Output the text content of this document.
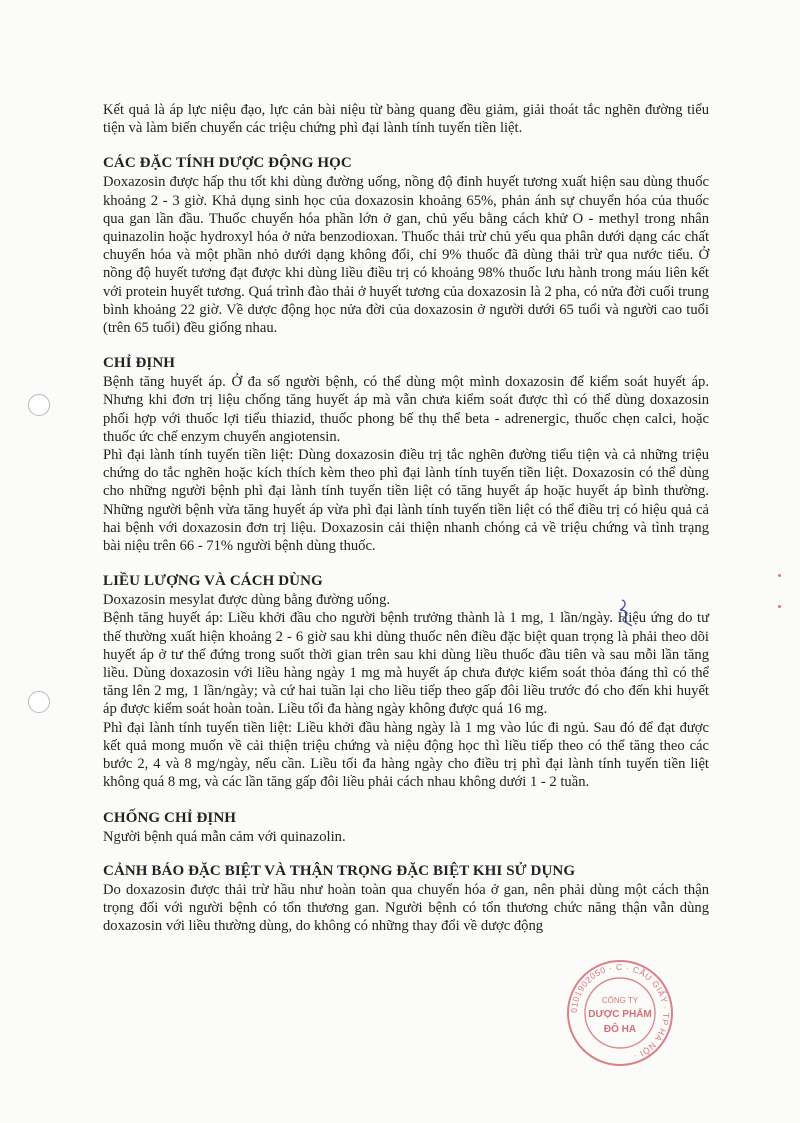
Kết quả là áp lực niệu đạo, lực cản bài niệu từ bàng quang đều giảm, giải thoát tắc nghẽn đường tiểu tiện và làm biến chuyển các triệu chứng phì đại lành tính tuyến tiền liệt.

CÁC ĐẶC TÍNH DƯỢC ĐỘNG HỌC

Doxazosin được hấp thu tốt khi dùng đường uống, nồng độ đỉnh huyết tương xuất hiện sau dùng thuốc khoảng 2 - 3 giờ. Khả dụng sinh học của doxazosin khoảng 65%, phản ánh sự chuyển hóa của thuốc qua gan lần đầu. Thuốc chuyển hóa phần lớn ở gan, chủ yếu bằng cách khử O - methyl trong nhân quinazolin hoặc hydroxyl hóa ở nửa benzodioxan. Thuốc thải trừ chủ yếu qua phân dưới dạng các chất chuyển hóa và một phần nhỏ dưới dạng không đổi, chỉ 9% thuốc đã dùng thải trừ qua nước tiểu. Ở nồng độ huyết tương đạt được khi dùng liều điều trị có khoảng 98% thuốc lưu hành trong máu liên kết với protein huyết tương. Quá trình đào thải ở huyết tương của doxazosin là 2 pha, có nửa đời cuối trung bình khoảng 22 giờ. Về dược động học nửa đời của doxazosin ở người dưới 65 tuổi và người cao tuổi (trên 65 tuổi) đều giống nhau.

CHỈ ĐỊNH

Bệnh tăng huyết áp. Ở đa số người bệnh, có thể dùng một mình doxazosin để kiểm soát huyết áp. Nhưng khi đơn trị liệu chống tăng huyết áp mà vẫn chưa kiểm soát được thì có thể dùng doxazosin phối hợp với thuốc lợi tiểu thiazid, thuốc phong bế thụ thể beta - adrenergic, thuốc chẹn calci, hoặc thuốc ức chế enzym chuyển angiotensin.

Phì đại lành tính tuyến tiền liệt: Dùng doxazosin điều trị tắc nghẽn đường tiểu tiện và cả những triệu chứng do tắc nghẽn hoặc kích thích kèm theo phì đại lành tính tuyến tiền liệt. Doxazosin có thể dùng cho những người bệnh phì đại lành tính tuyến tiền liệt có tăng huyết áp hoặc huyết áp bình thường. Những người bệnh vừa tăng huyết áp vừa phì đại lành tính tuyến tiền liệt có thể điều trị có hiệu quả cả hai bệnh với doxazosin đơn trị liệu. Doxazosin cải thiện nhanh chóng cả về triệu chứng và tình trạng bài niệu trên 66 - 71% người bệnh dùng thuốc.

LIỀU LƯỢNG VÀ CÁCH DÙNG

Doxazosin mesylat được dùng bằng đường uống.

Bệnh tăng huyết áp: Liều khởi đầu cho người bệnh trưởng thành là 1 mg, 1 lần/ngày. Hiệu ứng do tư thế thường xuất hiện khoảng 2 - 6 giờ sau khi dùng thuốc nên điều đặc biệt quan trọng là phải theo dõi huyết áp ở tư thế đứng trong suốt thời gian trên sau khi dùng liều thuốc đầu tiên và sau mỗi lần tăng liều. Dùng doxazosin với liều hàng ngày 1 mg mà huyết áp chưa được kiểm soát thỏa đáng thì có thể tăng lên 2 mg, 1 lần/ngày; và cứ hai tuần lại cho liều tiếp theo gấp đôi liều trước đó cho đến khi huyết áp được kiểm soát hoàn toàn. Liều tối đa hàng ngày không được quá 16 mg.

Phì đại lành tính tuyến tiền liệt: Liều khởi đầu hàng ngày là 1 mg vào lúc đi ngủ. Sau đó để đạt được kết quả mong muốn về cải thiện triệu chứng và niệu động học thì liều tiếp theo có thể tăng theo các bước 2, 4 và 8 mg/ngày, nếu cần. Liều tối đa hàng ngày cho điều trị phì đại lành tính tuyến tiền liệt không quá 8 mg, và các lần tăng gấp đôi liều phải cách nhau không dưới 1 - 2 tuần.

CHỐNG CHỈ ĐỊNH

Người bệnh quá mẫn cảm với quinazolin.

CẢNH BÁO ĐẶC BIỆT VÀ THẬN TRỌNG ĐẶC BIỆT KHI SỬ DỤNG

Do doxazosin được thải trừ hầu như hoàn toàn qua chuyển hóa ở gan, nên phải dùng một cách thận trọng đối với người bệnh có tổn thương gan. Người bệnh có tổn thương chức năng thận vẫn dùng doxazosin với liều thường dùng, do không có những thay đổi về dược động

0101902050 · C · CẦU GIẤY · TP HÀ NỘI ·
CÔNG TY
DƯỢC PHẨM
ĐÔ HA
